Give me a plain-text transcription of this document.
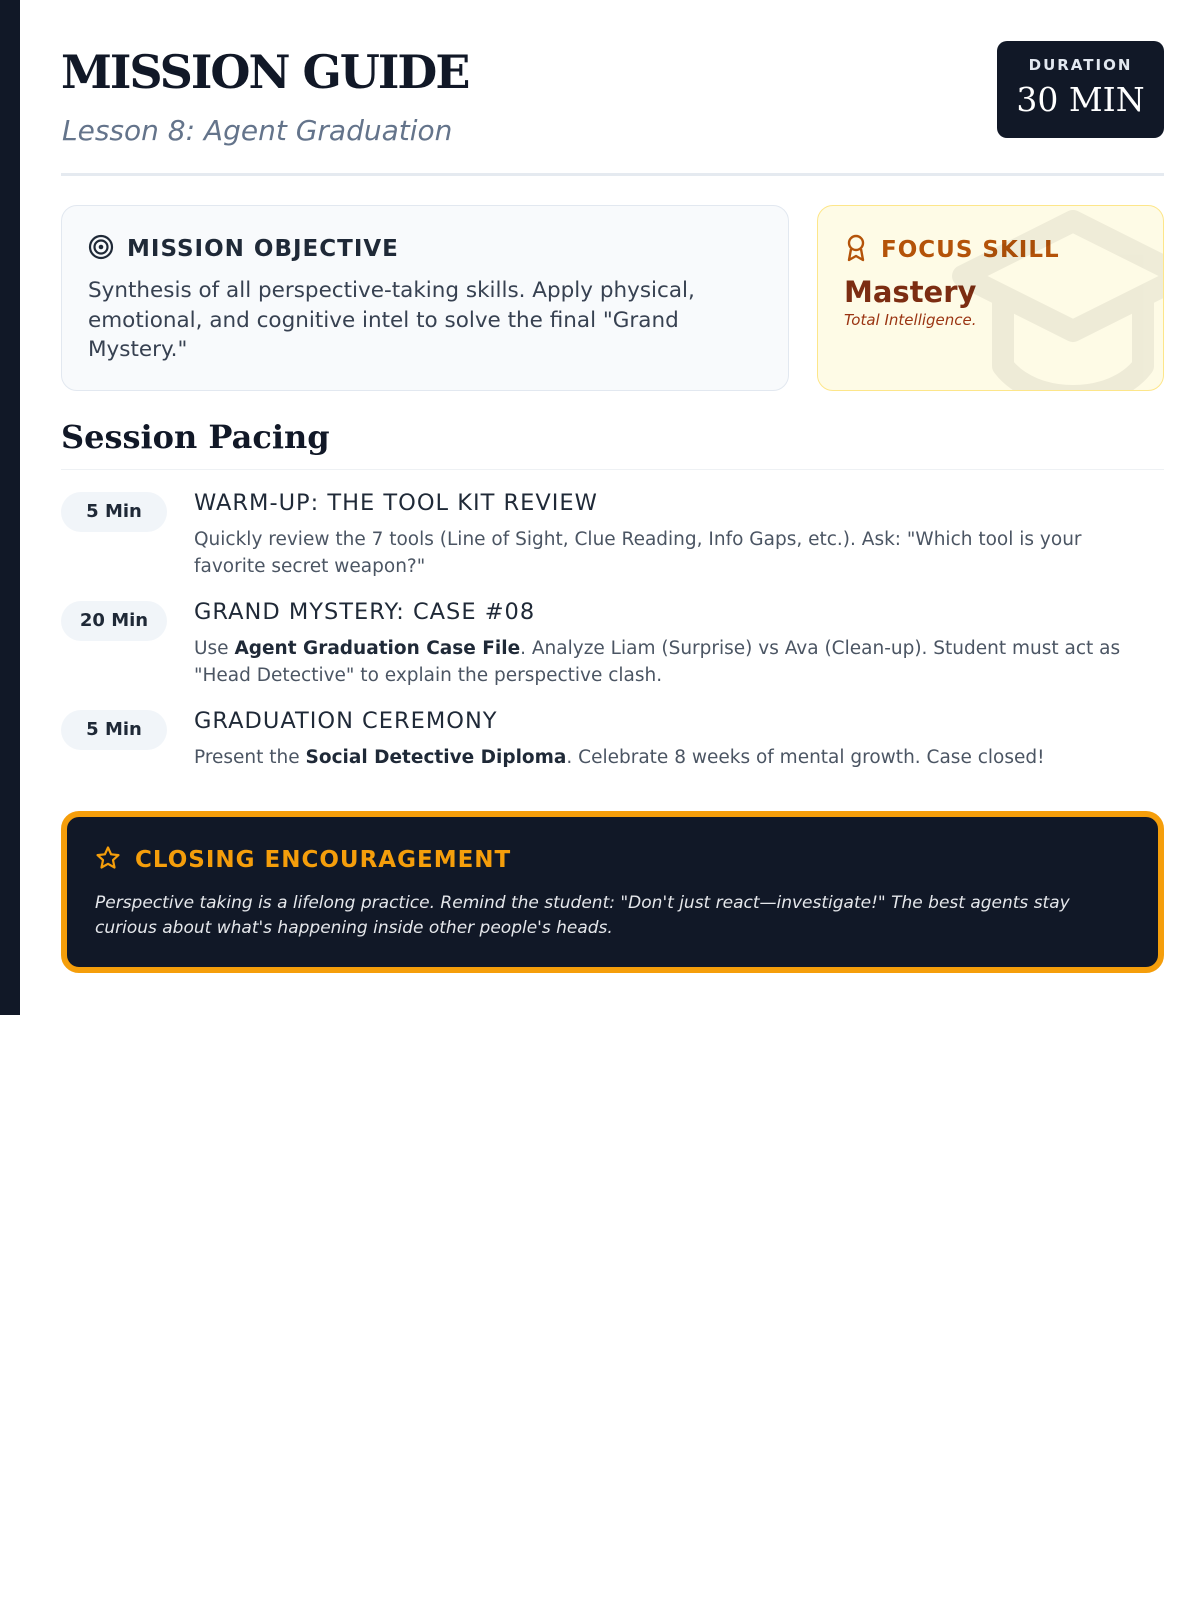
MISSION GUIDE
Lesson 8: Agent Graduation
DURATION
30 MIN
MISSION OBJECTIVE
Synthesis of all perspective-taking skills. Apply physical, emotional, and cognitive intel to solve the final "Grand Mystery."
FOCUS SKILL
Mastery
Total Intelligence.
Session Pacing
5 Min	WARM-UP: THE TOOL KIT REVIEW
Quickly review the 7 tools (Line of Sight, Clue Reading, Info Gaps, etc.). Ask: "Which tool is your favorite secret weapon?"
20 Min	GRAND MYSTERY: CASE #08
Use Agent Graduation Case File. Analyze Liam (Surprise) vs Ava (Clean-up). Student must act as "Head Detective" to explain the perspective clash.
5 Min	GRADUATION CEREMONY
Present the Social Detective Diploma. Celebrate 8 weeks of mental growth. Case closed!
CLOSING ENCOURAGEMENT
Perspective taking is a lifelong practice. Remind the student: "Don't just react—investigate!" The best agents stay curious about what's happening inside other people's heads.
